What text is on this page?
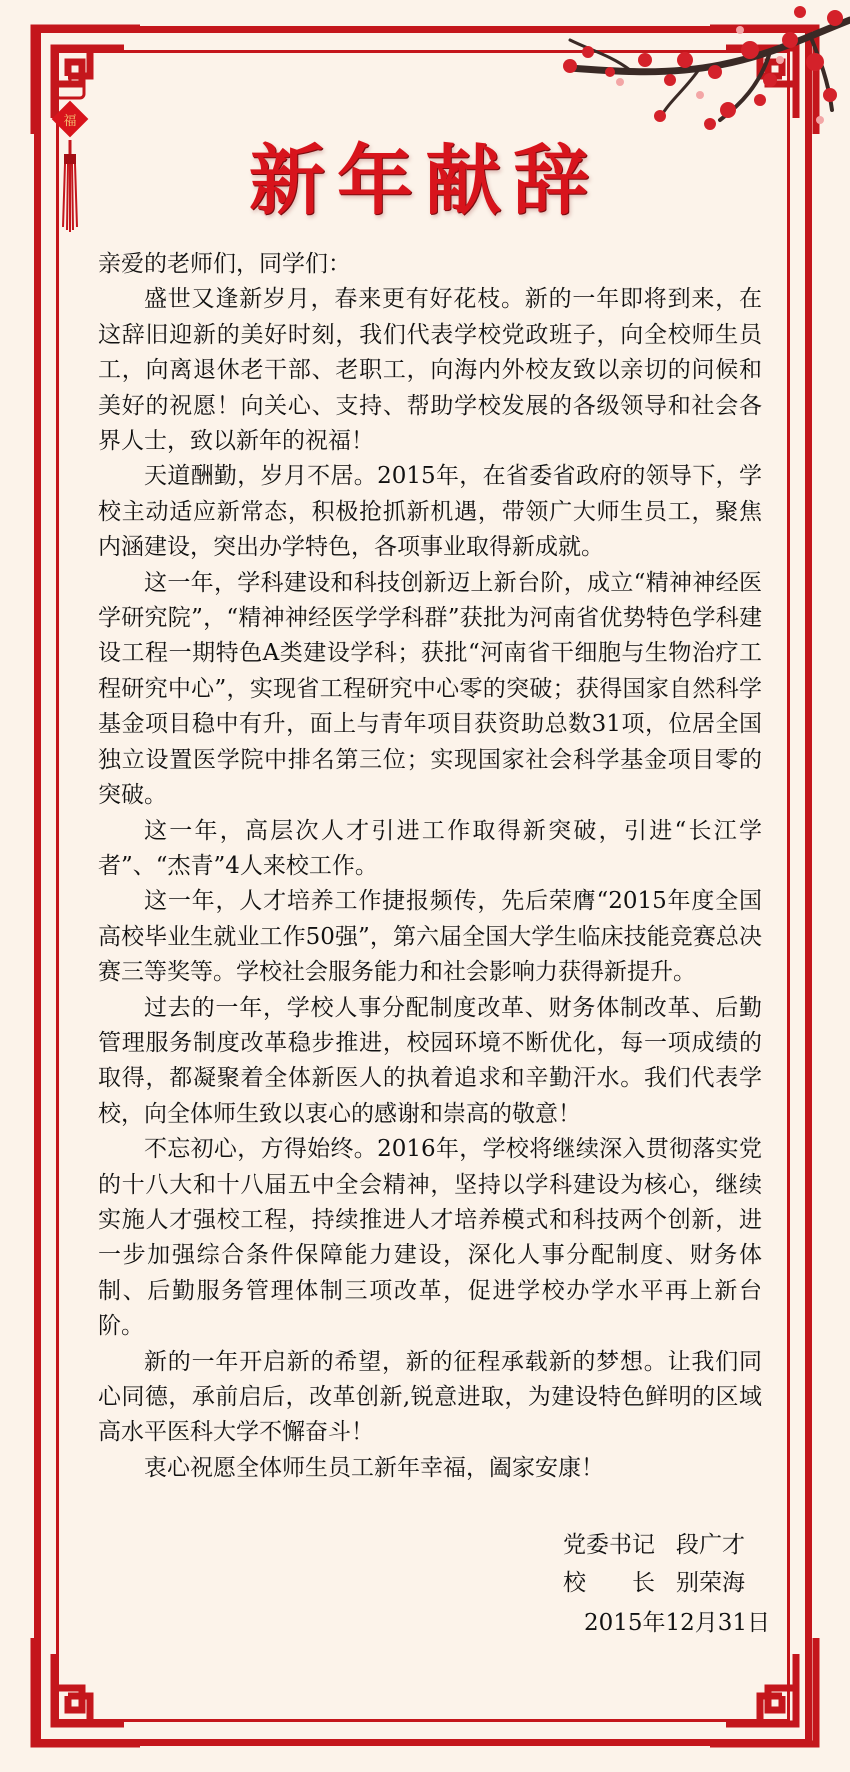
福
新年献辞

亲爱的老师们，同学们：

盛世又逢新岁月，春来更有好花枝。新的一年即将到来，在这辞旧迎新的美好时刻，我们代表学校党政班子，向全校师生员工，向离退休老干部、老职工，向海内外校友致以亲切的问候和美好的祝愿！向关心、支持、帮助学校发展的各级领导和社会各界人士，致以新年的祝福！

天道酬勤，岁月不居。2015年，在省委省政府的领导下，学校主动适应新常态，积极抢抓新机遇，带领广大师生员工，聚焦内涵建设，突出办学特色，各项事业取得新成就。

这一年，学科建设和科技创新迈上新台阶，成立“精神神经医学研究院”，“精神神经医学学科群”获批为河南省优势特色学科建设工程一期特色A类建设学科；获批“河南省干细胞与生物治疗工程研究中心”，实现省工程研究中心零的突破；获得国家自然科学基金项目稳中有升，面上与青年项目获资助总数31项，位居全国独立设置医学院中排名第三位；实现国家社会科学基金项目零的突破。

这一年，高层次人才引进工作取得新突破，引进“长江学者”、“杰青”4人来校工作。

这一年，人才培养工作捷报频传，先后荣膺“2015年度全国高校毕业生就业工作50强”，第六届全国大学生临床技能竞赛总决赛三等奖等。学校社会服务能力和社会影响力获得新提升。

过去的一年，学校人事分配制度改革、财务体制改革、后勤管理服务制度改革稳步推进，校园环境不断优化，每一项成绩的取得，都凝聚着全体新医人的执着追求和辛勤汗水。我们代表学校，向全体师生致以衷心的感谢和崇高的敬意！

不忘初心，方得始终。2016年，学校将继续深入贯彻落实党的十八大和十八届五中全会精神，坚持以学科建设为核心，继续实施人才强校工程，持续推进人才培养模式和科技两个创新，进一步加强综合条件保障能力建设，深化人事分配制度、财务体制、后勤服务管理体制三项改革，促进学校办学水平再上新台阶。

新的一年开启新的希望，新的征程承载新的梦想。让我们同心同德，承前启后，改革创新,锐意进取，为建设特色鲜明的区域高水平医科大学不懈奋斗！

衷心祝愿全体师生员工新年幸福，阖家安康！

党委书记 段广才
校　　长 别荣海
2015年12月31日
